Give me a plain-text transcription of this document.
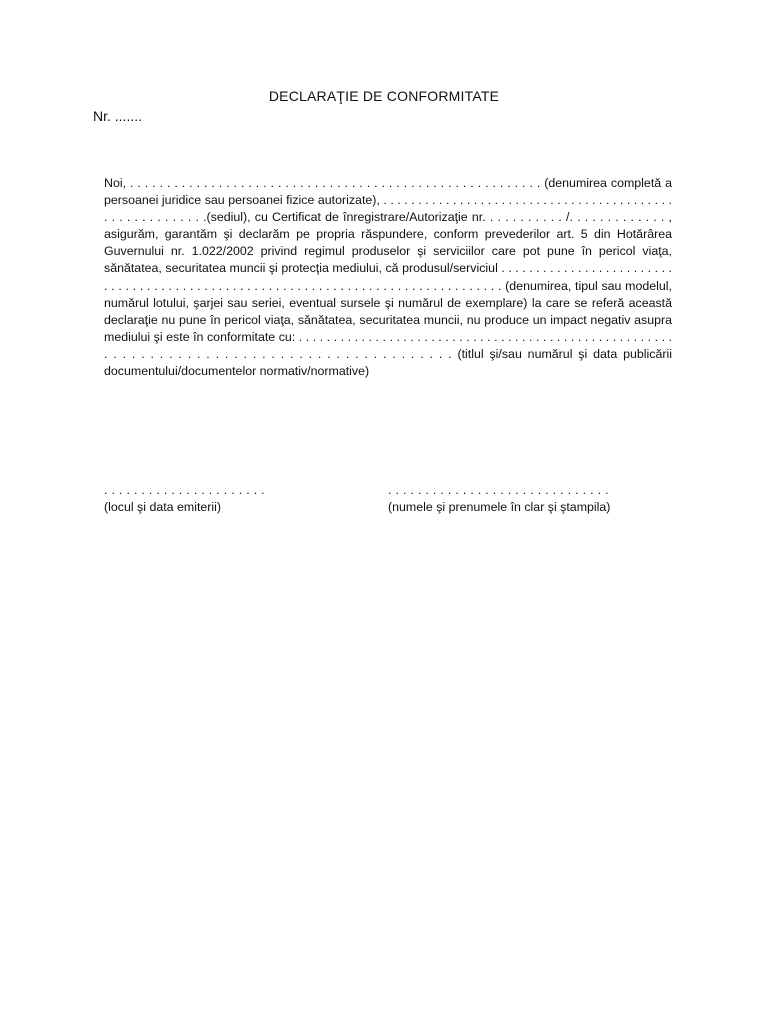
DECLARAŢIE DE CONFORMITATE
Nr. .......
Noi, . . . . . . . . . . . . . . . . . . . . . . . . . . . . . . . . . . . . . . . . . . . . . . . . . . . . . . . . (denumirea completă a persoanei juridice sau persoanei fizice autorizate), . . . . . . . . . . . . . . . . . . . . . . . . . . . . . . . . . . . . . . . . . . . . . . . . . . . . . . . .(sediul), cu Certificat de înregistrare/Autorizaţie nr. . . . . . . . . . . /. . . . . . . . . . . . . , asigurăm, garantăm şi declarăm pe propria răspundere, conform prevederilor art. 5 din Hotărârea Guvernului nr. 1.022/2002 privind regimul produselor şi serviciilor care pot pune în pericol viaţa, sănătatea, securitatea muncii şi protecţia mediului, că produsul/serviciul . . . . . . . . . . . . . . . . . . . . . . . . . . . . . . . . . . . . . . . . . . . . . . . . . . . . . . . . . . . . . . . . . . . . . . . . . . . . . . . . . (denumirea, tipul sau modelul, numărul lotului, şarjei sau seriei, eventual sursele şi numărul de exemplare) la care se referă această declaraţie nu pune în pericol viaţa, sănătatea, securitatea muncii, nu produce un impact negativ asupra mediului şi este în conformitate cu: . . . . . . . . . . . . . . . . . . . . . . . . . . . . . . . . . . . . . . . . . . . . . . . . . . . . . . . . . . . . . . . . . . . . . . . . . . . . . . . . . . . . . . . . . . . . (titlul şi/sau numărul şi data publicării documentului/documentelor normativ/normative)
. . . . . . . . . . . . . . . . . . . . . .
(locul şi data emiterii)
. . . . . . . . . . . . . . . . . . . . . . . . . . . . . .
(numele şi prenumele în clar şi ştampila)
